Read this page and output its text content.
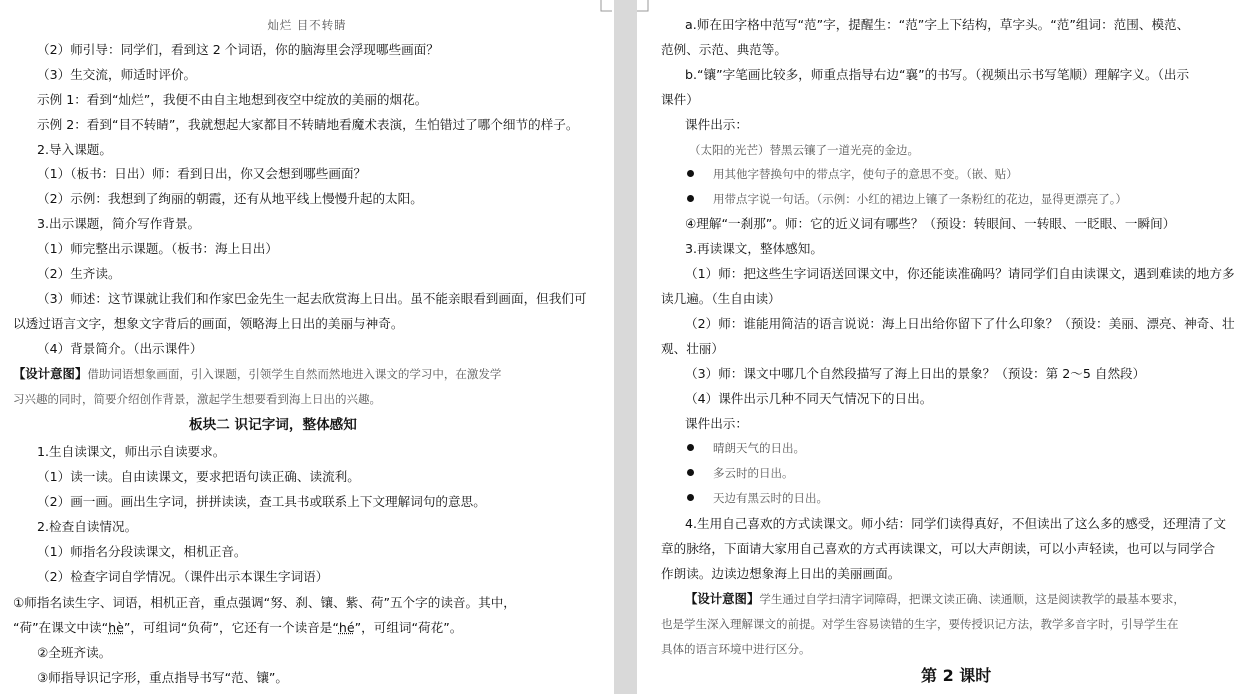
灿烂 目不转睛
（2）师引导：同学们，看到这 2 个词语，你的脑海里会浮现哪些画面？
（3）生交流，师适时评价。
示例 1：看到“灿烂”，我便不由自主地想到夜空中绽放的美丽的烟花。
示例 2：看到“目不转睛”，我就想起大家都目不转睛地看魔术表演，生怕错过了哪个细节的样子。
2.导入课题。
（1）（板书：日出）师：看到日出，你又会想到哪些画面？
（2）示例：我想到了绚丽的朝霞，还有从地平线上慢慢升起的太阳。
3.出示课题，简介写作背景。
（1）师完整出示课题。（板书：海上日出）
（2）生齐读。
（3）师述：这节课就让我们和作家巴金先生一起去欣赏海上日出。虽不能亲眼看到画面，但我们可
以透过语言文字，想象文字背后的画面，领略海上日出的美丽与神奇。
（4）背景简介。（出示课件）
【设计意图】借助词语想象画面，引入课题，引领学生自然而然地进入课文的学习中，在激发学
习兴趣的同时，简要介绍创作背景，激起学生想要看到海上日出的兴趣。
板块二 识记字词，整体感知
1.生自读课文，师出示自读要求。
（1）读一读。自由读课文，要求把语句读正确、读流利。
（2）画一画。画出生字词，拼拼读读，查工具书或联系上下文理解词句的意思。
2.检查自读情况。
（1）师指名分段读课文，相机正音。
（2）检查字词自学情况。（课件出示本课生字词语）
①师指名读生字、词语，相机正音，重点强调“努、刹、镶、紫、荷”五个字的读音。其中，
“荷”在课文中读“hè”，可组词“负荷”，它还有一个读音是“hé”，可组词“荷花”。
②全班齐读。
③师指导识记字形，重点指导书写“范、镶”。
a.师在田字格中范写“范”字，提醒生：“范”字上下结构，草字头。“范”组词：范围、模范、
范例、示范、典范等。
b.“镶”字笔画比较多，师重点指导右边“襄”的书写。（视频出示书写笔顺）理解字义。（出示
课件）
课件出示：
（太阳的光芒）替黑云镶了一道光亮的金边。
用其他字替换句中的带点字，使句子的意思不变。（嵌、贴）
用带点字说一句话。（示例：小红的裙边上镶了一条粉红的花边，显得更漂亮了。）
④理解“一刹那”。师：它的近义词有哪些？（预设：转眼间、一转眼、一眨眼、一瞬间）
3.再读课文，整体感知。
（1）师：把这些生字词语送回课文中，你还能读准确吗？请同学们自由读课文，遇到难读的地方多
读几遍。（生自由读）
（2）师：谁能用简洁的语言说说：海上日出给你留下了什么印象？（预设：美丽、漂亮、神奇、壮
观、壮丽）
（3）师：课文中哪几个自然段描写了海上日出的景象？（预设：第 2～5 自然段）
（4）课件出示几种不同天气情况下的日出。
课件出示：
晴朗天气的日出。
多云时的日出。
天边有黑云时的日出。
4.生用自己喜欢的方式读课文。师小结：同学们读得真好，不但读出了这么多的感受，还理清了文
章的脉络，下面请大家用自己喜欢的方式再读课文，可以大声朗读，可以小声轻读，也可以与同学合
作朗读。边读边想象海上日出的美丽画面。
【设计意图】学生通过自学扫清字词障碍，把课文读正确、读通顺，这是阅读教学的最基本要求，
也是学生深入理解课文的前提。对学生容易读错的生字，要传授识记方法，教学多音字时，引导学生在
具体的语言环境中进行区分。
第 2 课时
